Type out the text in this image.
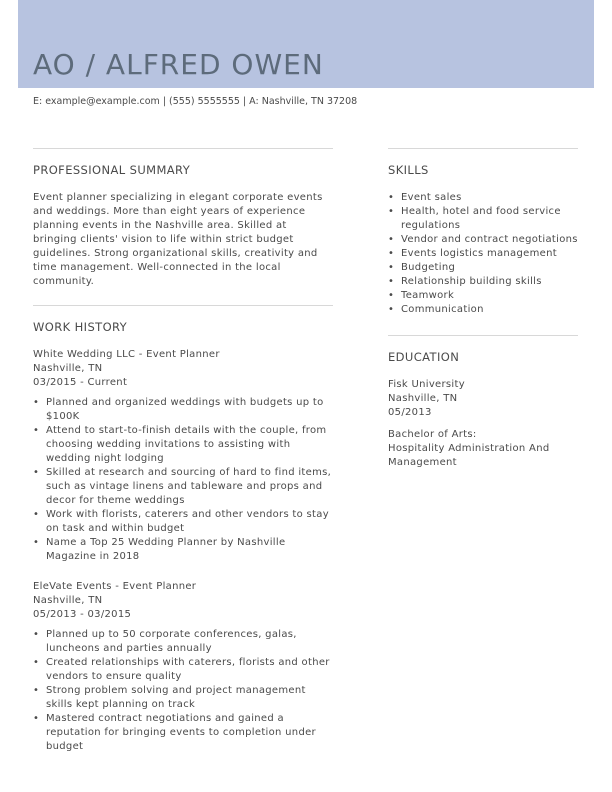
AO / ALFRED OWEN
E: example@example.com | (555) 5555555 | A: Nashville, TN 37208
PROFESSIONAL SUMMARY

Event planner specializing in elegant corporate events and weddings. More than eight years of experience planning events in the Nashville area. Skilled at bringing clients' vision to life within strict budget guidelines. Strong organizational skills, creativity and time management. Well-connected in the local community.

WORK HISTORY
White Wedding LLC - Event Planner
Nashville, TN
03/2015 - Current
• Planned and organized weddings with budgets up to $100K
• Attend to start-to-finish details with the couple, from choosing wedding invitations to assisting with wedding night lodging
• Skilled at research and sourcing of hard to find items, such as vintage linens and tableware and props and decor for theme weddings
• Work with florists, caterers and other vendors to stay on task and within budget
• Name a Top 25 Wedding Planner by Nashville Magazine in 2018
EleVate Events - Event Planner
Nashville, TN
05/2013 - 03/2015
• Planned up to 50 corporate conferences, galas, luncheons and parties annually
• Created relationships with caterers, florists and other vendors to ensure quality
• Strong problem solving and project management skills kept planning on track
• Mastered contract negotiations and gained a reputation for bringing events to completion under budget
SKILLS
• Event sales
• Health, hotel and food service regulations
• Vendor and contract negotiations
• Events logistics management
• Budgeting
• Relationship building skills
• Teamwork
• Communication
EDUCATION
Fisk University
Nashville, TN
05/2013
Bachelor of Arts:
Hospitality Administration And Management
